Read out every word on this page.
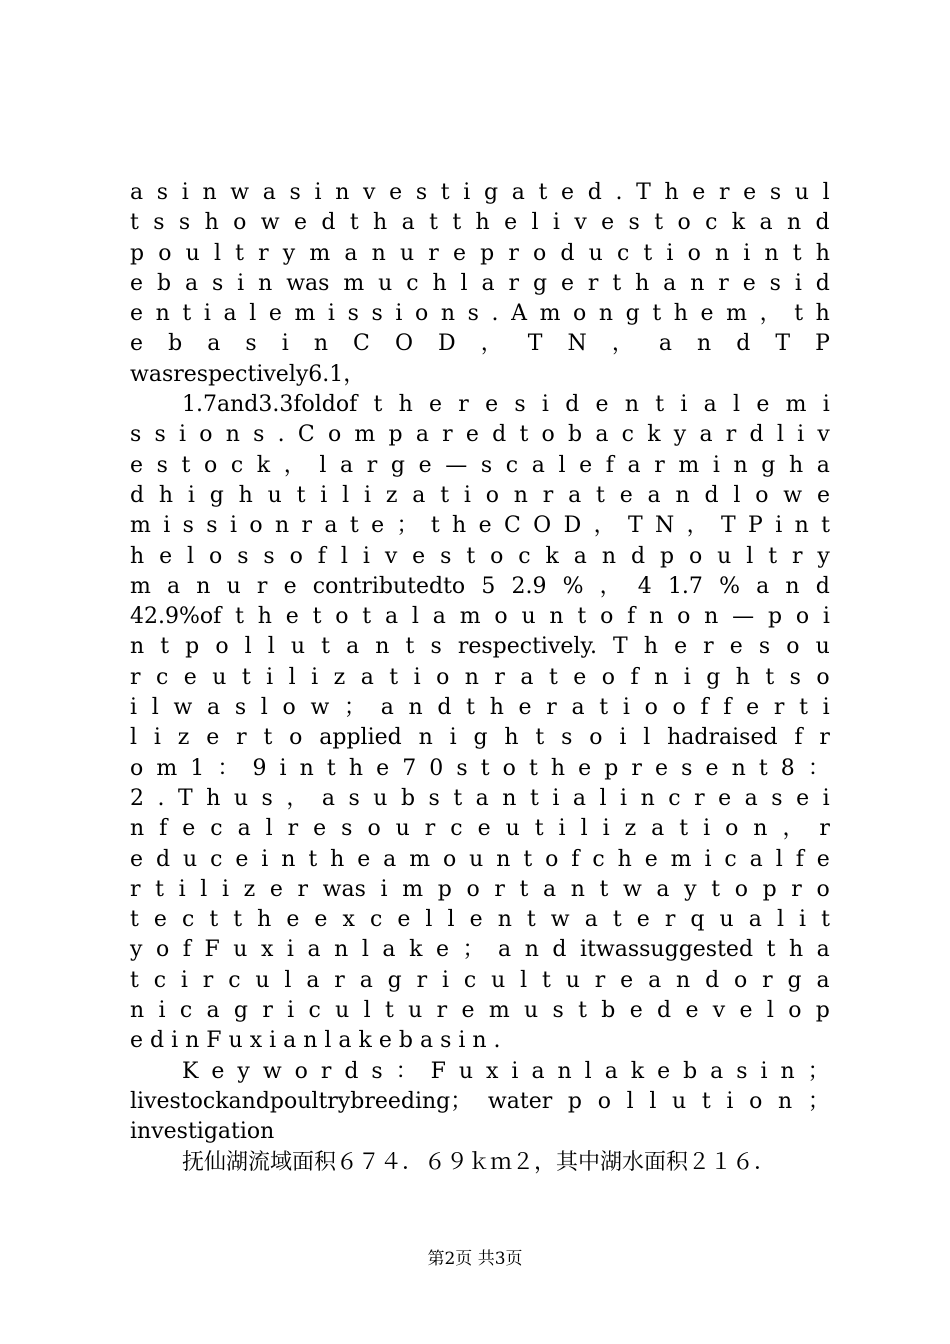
a s i n w a s i n v e s t i g a t e d . T h e r e s u l
t s s h o w e d t h a t t h e l i v e s t o c k a n d
p o u l t r y m a n u r e p r o d u c t i o n i n t h
e b a s i n was m u c h l a r g e r t h a n r e s i d
e n t i a l e m i s s i o n s . A m o n g t h e m ， t h
e b a s i n C O D ， T N ， a n d T P
wasrespectively6.1，
1.7and3.3foldof t h e r e s i d e n t i a l e m i
s s i o n s . C o m p a r e d t o b a c k y a r d l i v
e s t o c k ， l a r g e — s c a l e f a r m i n g h a
d h i g h u t i l i z a t i o n r a t e a n d l o w e
m i s s i o n r a t e ； t h e C O D ， T N ， T P i n t
h e l o s s o f l i v e s t o c k a n d p o u l t r y
m a n u r e contributedto 5 2.9 % ， 4 1.7 % a n d
42.9%of t h e t o t a l a m o u n t o f n o n — p o i
n t p o l l u t a n t s respectively. T h e r e s o u
r c e u t i l i z a t i o n r a t e o f n i g h t s o
i l w a s l o w ； a n d t h e r a t i o o f f e r t i
l i z e r t o applied n i g h t s o i l hadraised f r
o m 1 ： 9 i n t h e 7 0 s t o t h e p r e s e n t 8 ：
2 . T h u s ， a s u b s t a n t i a l i n c r e a s e i
n f e c a l r e s o u r c e u t i l i z a t i o n ， r
e d u c e i n t h e a m o u n t o f c h e m i c a l f e
r t i l i z e r was i m p o r t a n t w a y t o p r o
t e c t t h e e x c e l l e n t w a t e r q u a l i t
y o f F u x i a n l a k e ； a n d itwassuggested t h a
t c i r c u l a r a g r i c u l t u r e a n d o r g a
n i c a g r i c u l t u r e m u s t b e d e v e l o p
e d i n F u x i a n l a k e b a s i n .
K e y w o r d s ： F u x i a n l a k e b a s i n ；
livestockandpoultrybreeding； water p o l l u t i o n ；
investigation
抚仙湖流域面积６７４．６９ｋｍ２，其中湖水面积２１６．
第2页 共3页
